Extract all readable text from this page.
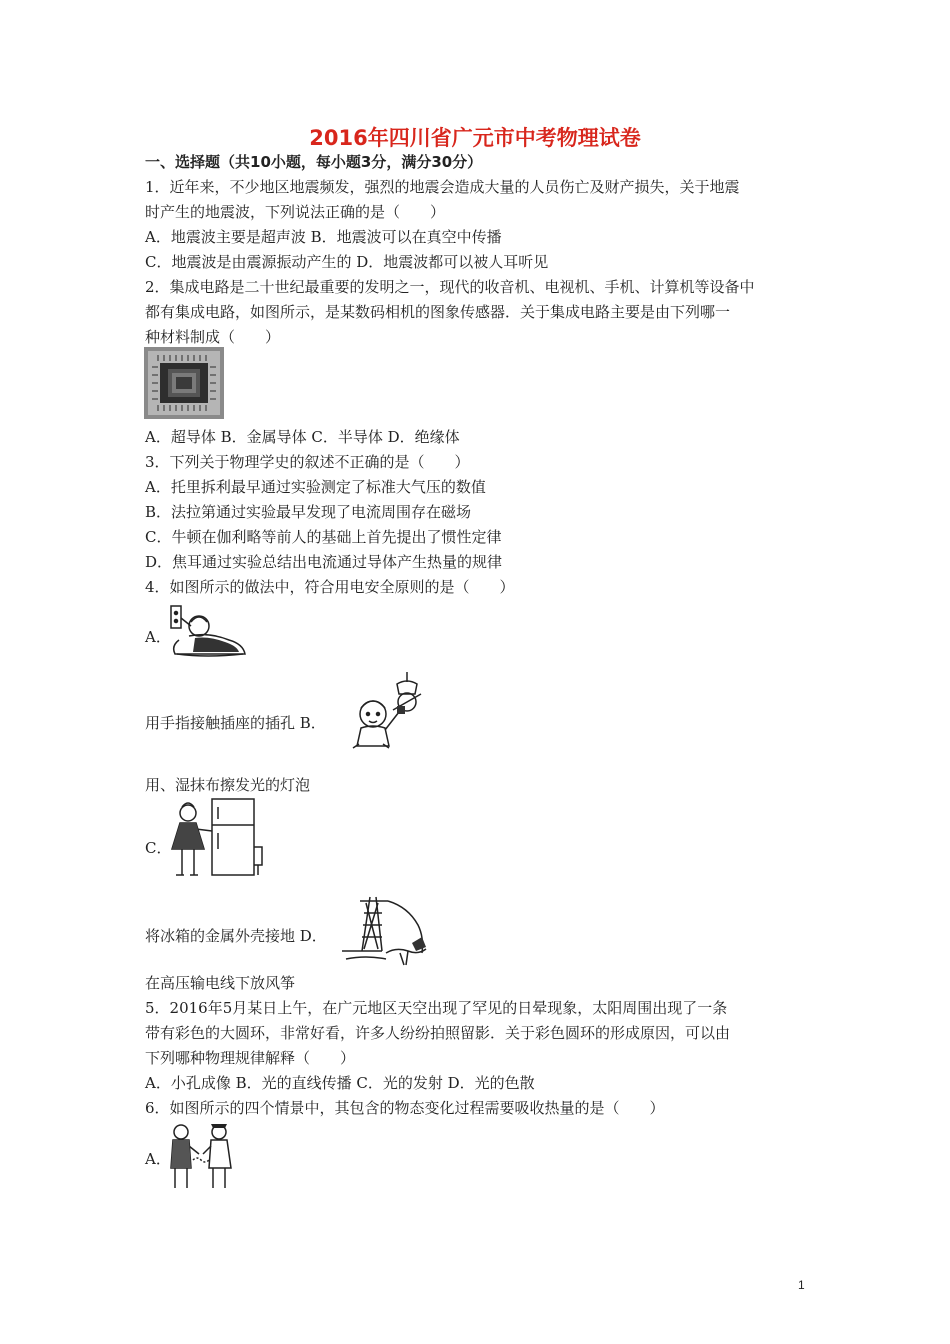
2016年四川省广元市中考物理试卷
一、选择题（共10小题，每小题3分，满分30分）
1．近年来，不少地区地震频发，强烈的地震会造成大量的人员伤亡及财产损失，关于地震
时产生的地震波，下列说法正确的是（　　）
A．地震波主要是超声波 B．地震波可以在真空中传播
C．地震波是由震源振动产生的 D．地震波都可以被人耳听见
2．集成电路是二十世纪最重要的发明之一，现代的收音机、电视机、手机、计算机等设备中
都有集成电路，如图所示，是某数码相机的图象传感器．关于集成电路主要是由下列哪一
种材料制成（　　）
A．超导体 B．金属导体 C．半导体 D．绝缘体
3．下列关于物理学史的叙述不正确的是（　　）
A．托里拆利最早通过实验测定了标准大气压的数值
B．法拉第通过实验最早发现了电流周围存在磁场
C．牛顿在伽利略等前人的基础上首先提出了惯性定律
D．焦耳通过实验总结出电流通过导体产生热量的规律
4．如图所示的做法中，符合用电安全原则的是（　　）
A．
用手指接触插座的插孔 B．
用、湿抹布擦发光的灯泡
C．
将冰箱的金属外壳接地 D．
在高压输电线下放风筝
5．2016年5月某日上午，在广元地区天空出现了罕见的日晕现象，太阳周围出现了一条
带有彩色的大圆环，非常好看，许多人纷纷拍照留影．关于彩色圆环的形成原因，可以由
下列哪种物理规律解释（　　）
A．小孔成像 B．光的直线传播 C．光的发射 D．光的色散
6．如图所示的四个情景中，其包含的物态变化过程需要吸收热量的是（　　）
A．
1
